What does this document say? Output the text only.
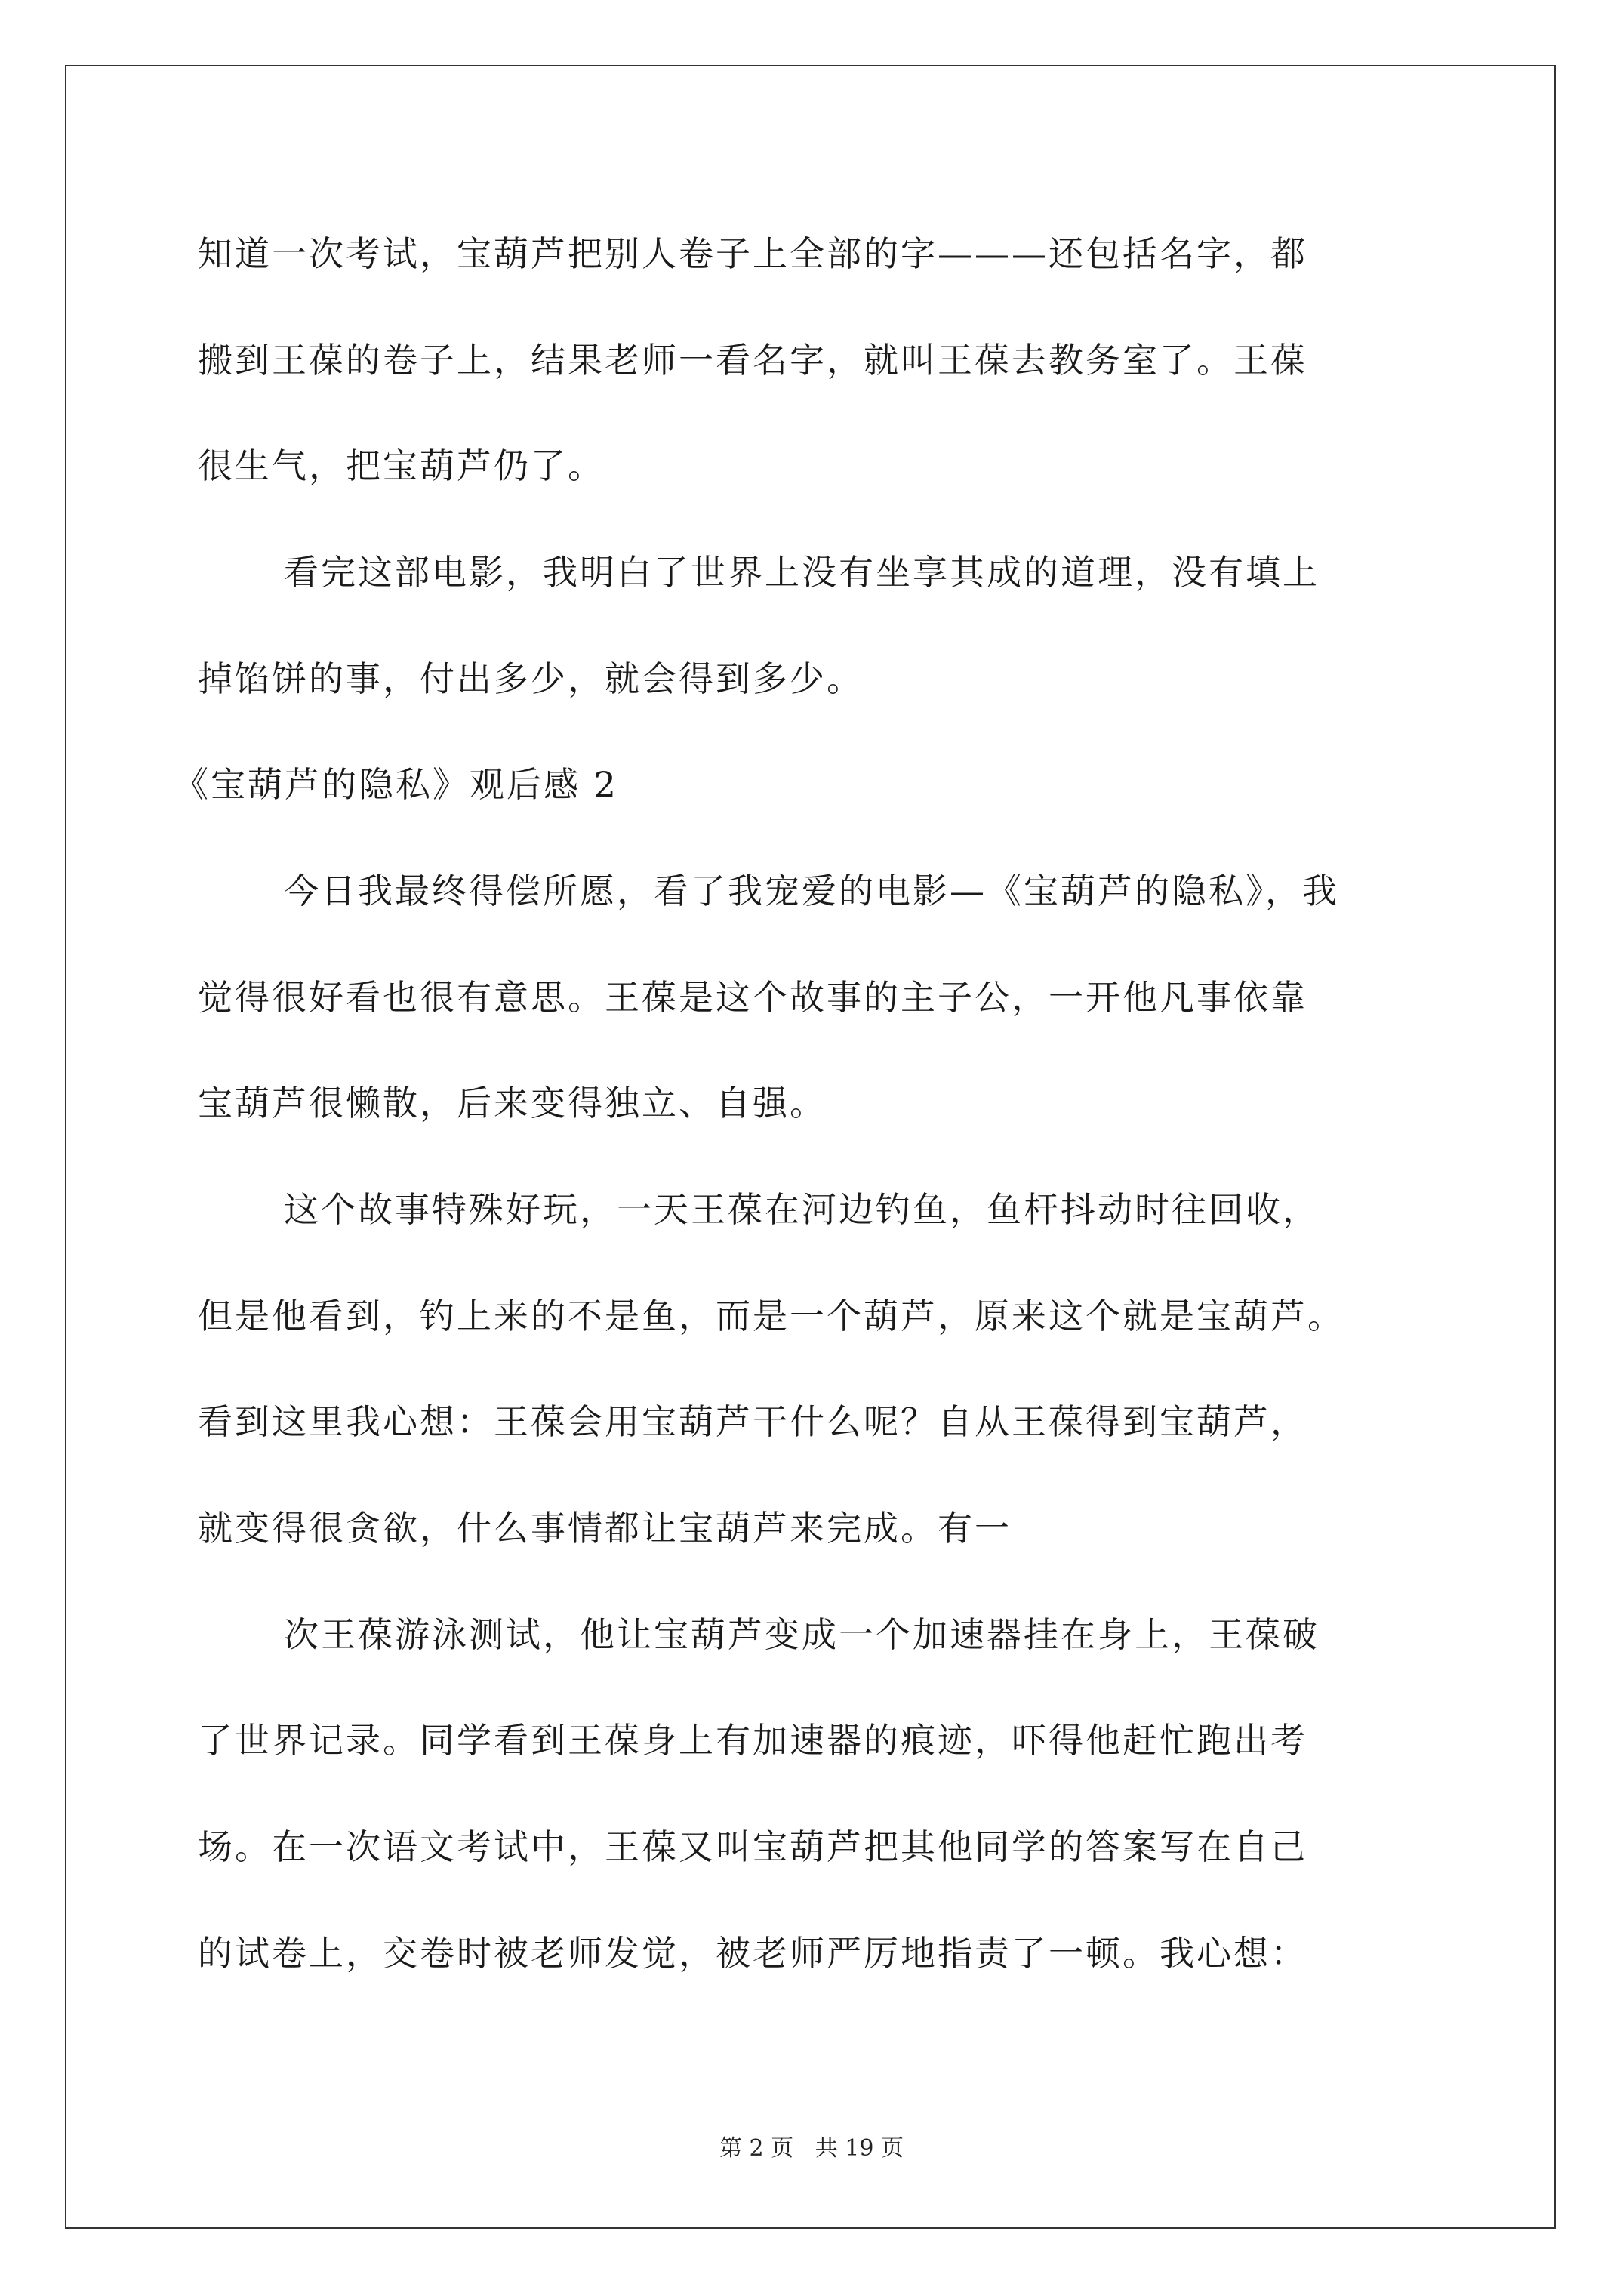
知道一次考试，宝葫芦把别人卷子上全部的字———还包括名字，都
搬到王葆的卷子上，结果老师一看名字，就叫王葆去教务室了。王葆
很生气，把宝葫芦仍了。
看完这部电影，我明白了世界上没有坐享其成的道理，没有填上
掉馅饼的事，付出多少，就会得到多少。
《宝葫芦的隐私》观后感 2
今日我最终得偿所愿，看了我宠爱的电影—《宝葫芦的隐私》，我
觉得很好看也很有意思。王葆是这个故事的主子公，一开他凡事依靠
宝葫芦很懒散，后来变得独立、自强。
这个故事特殊好玩，一天王葆在河边钓鱼，鱼杆抖动时往回收，
但是他看到，钓上来的不是鱼，而是一个葫芦，原来这个就是宝葫芦。
看到这里我心想：王葆会用宝葫芦干什么呢？自从王葆得到宝葫芦，
就变得很贪欲，什么事情都让宝葫芦来完成。有一
次王葆游泳测试，他让宝葫芦变成一个加速器挂在身上，王葆破
了世界记录。同学看到王葆身上有加速器的痕迹，吓得他赶忙跑出考
场。在一次语文考试中，王葆又叫宝葫芦把其他同学的答案写在自己
的试卷上，交卷时被老师发觉，被老师严厉地指责了一顿。我心想：
第 2 页   共 19 页
